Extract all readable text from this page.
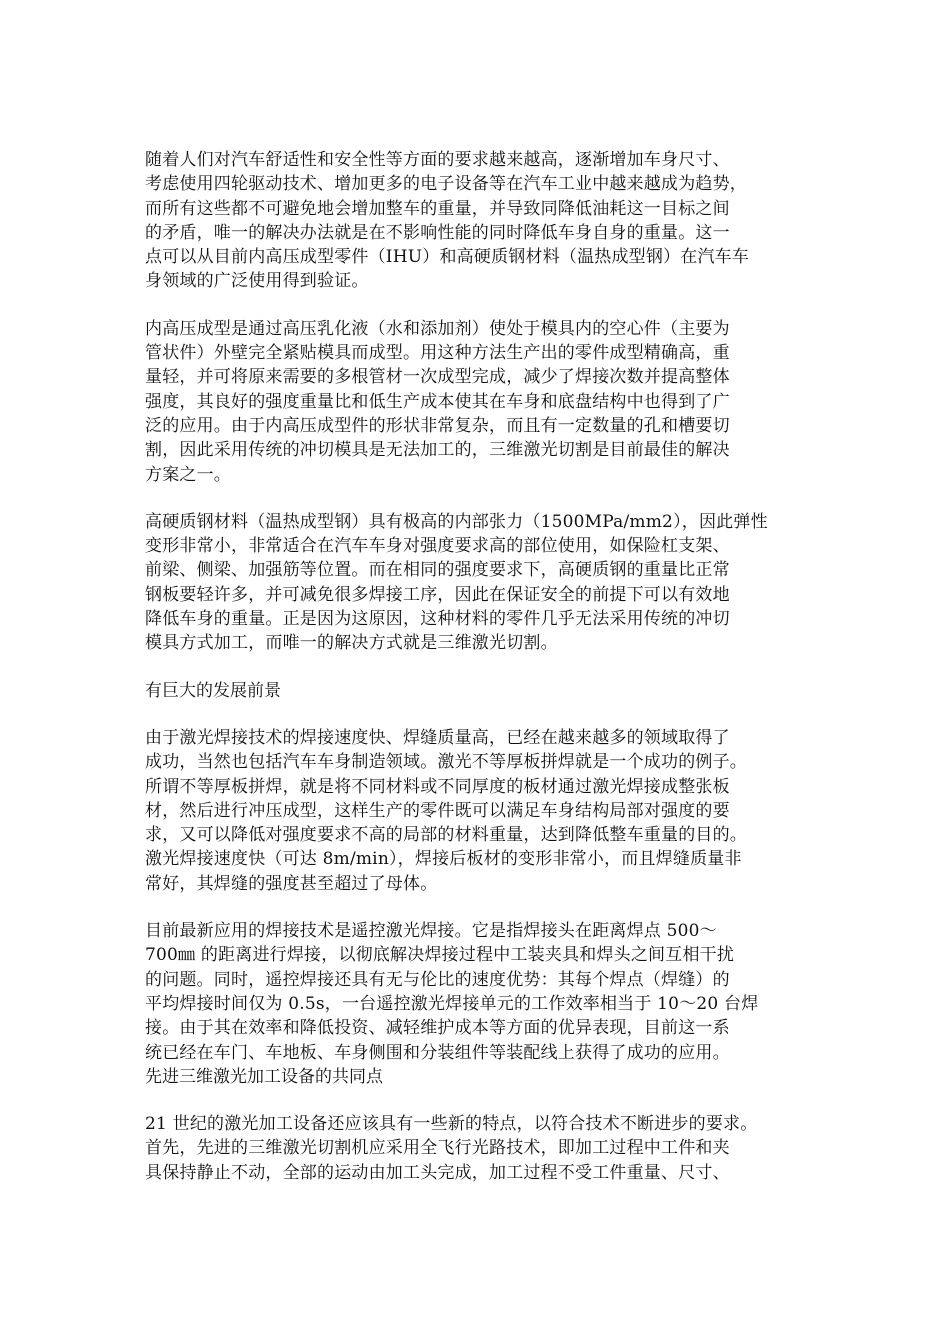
随着人们对汽车舒适性和安全性等方面的要求越来越高，逐渐增加车身尺寸、
考虑使用四轮驱动技术、增加更多的电子设备等在汽车工业中越来越成为趋势，
而所有这些都不可避免地会增加整车的重量，并导致同降低油耗这一目标之间
的矛盾，唯一的解决办法就是在不影响性能的同时降低车身自身的重量。这一
点可以从目前内高压成型零件（IHU）和高硬质钢材料（温热成型钢）在汽车车
身领域的广泛使用得到验证。

内高压成型是通过高压乳化液（水和添加剂）使处于模具内的空心件（主要为
管状件）外壁完全紧贴模具而成型。用这种方法生产出的零件成型精确高，重
量轻，并可将原来需要的多根管材一次成型完成，减少了焊接次数并提高整体
强度，其良好的强度重量比和低生产成本使其在车身和底盘结构中也得到了广
泛的应用。由于内高压成型件的形状非常复杂，而且有一定数量的孔和槽要切
割，因此采用传统的冲切模具是无法加工的，三维激光切割是目前最佳的解决
方案之一。

高硬质钢材料（温热成型钢）具有极高的内部张力（1500MPa/mm2），因此弹性
变形非常小，非常适合在汽车车身对强度要求高的部位使用，如保险杠支架、
前梁、侧梁、加强筋等位置。而在相同的强度要求下，高硬质钢的重量比正常
钢板要轻许多，并可减免很多焊接工序，因此在保证安全的前提下可以有效地
降低车身的重量。正是因为这原因，这种材料的零件几乎无法采用传统的冲切
模具方式加工，而唯一的解决方式就是三维激光切割。

有巨大的发展前景

由于激光焊接技术的焊接速度快、焊缝质量高，已经在越来越多的领域取得了
成功，当然也包括汽车车身制造领域。激光不等厚板拼焊就是一个成功的例子。
所谓不等厚板拼焊，就是将不同材料或不同厚度的板材通过激光焊接成整张板
材，然后进行冲压成型，这样生产的零件既可以满足车身结构局部对强度的要
求，又可以降低对强度要求不高的局部的材料重量，达到降低整车重量的目的。
激光焊接速度快（可达 8m/min），焊接后板材的变形非常小，而且焊缝质量非
常好，其焊缝的强度甚至超过了母体。

目前最新应用的焊接技术是遥控激光焊接。它是指焊接头在距离焊点 500～
700㎜ 的距离进行焊接，以彻底解决焊接过程中工装夹具和焊头之间互相干扰
的问题。同时，遥控焊接还具有无与伦比的速度优势：其每个焊点（焊缝）的
平均焊接时间仅为 0.5s，一台遥控激光焊接单元的工作效率相当于 10～20 台焊
接。由于其在效率和降低投资、减轻维护成本等方面的优异表现，目前这一系
统已经在车门、车地板、车身侧围和分装组件等装配线上获得了成功的应用。

先进三维激光加工设备的共同点

21 世纪的激光加工设备还应该具有一些新的特点，以符合技术不断进步的要求。
首先，先进的三维激光切割机应采用全飞行光路技术，即加工过程中工件和夹
具保持静止不动，全部的运动由加工头完成，加工过程不受工件重量、尺寸、
